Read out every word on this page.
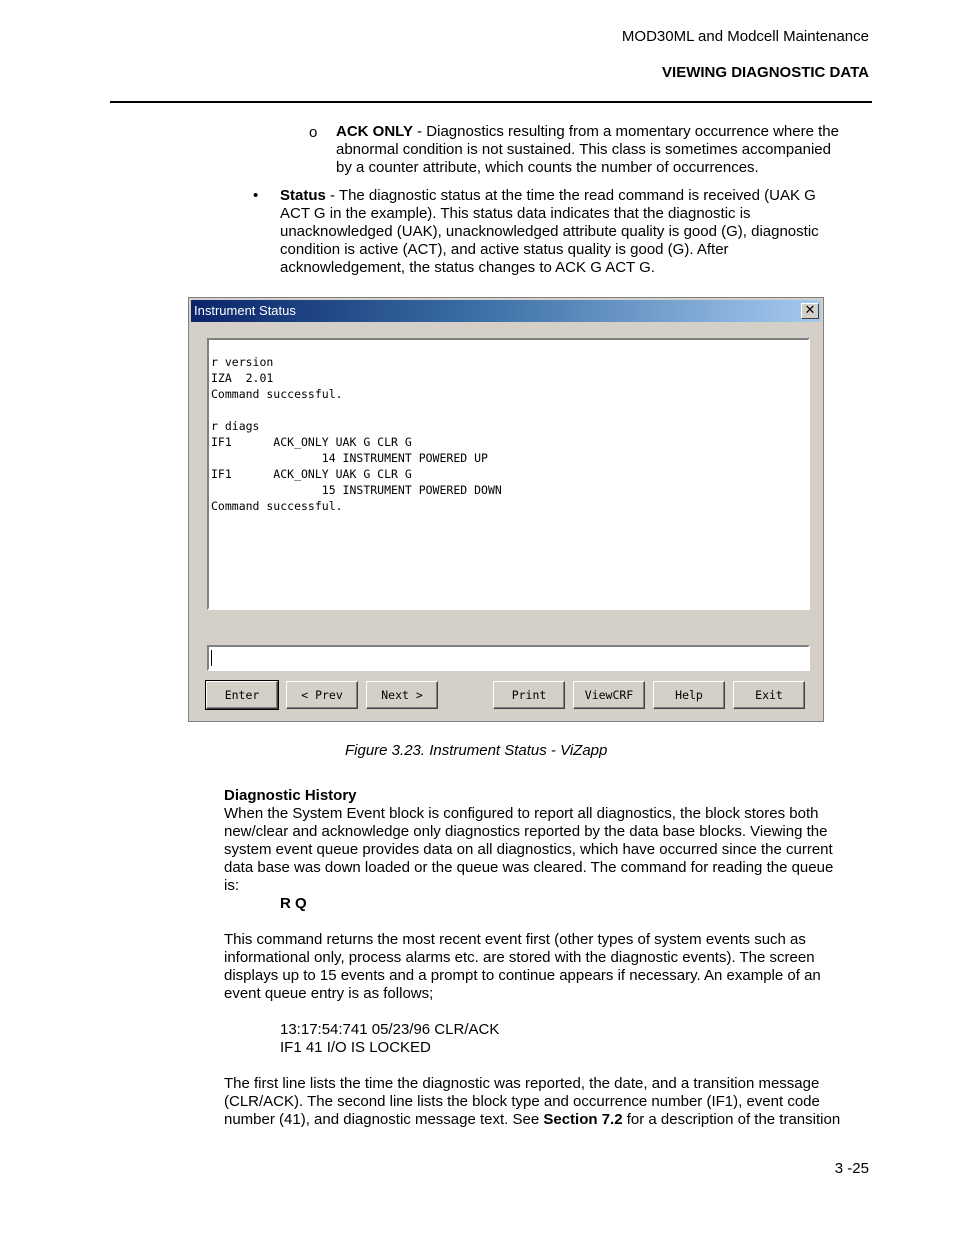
MOD30ML and Modcell Maintenance
VIEWING DIAGNOSTIC DATA
o ACK ONLY - Diagnostics resulting from a momentary occurrence where the
abnormal condition is not sustained. This class is sometimes accompanied
by a counter attribute, which counts the number of occurrences.
• Status - The diagnostic status at the time the read command is received (UAK G
ACT G in the example). This status data indicates that the diagnostic is
unacknowledged (UAK), unacknowledged attribute quality is good (G), diagnostic
condition is active (ACT), and active status quality is good (G). After
acknowledgement, the status changes to ACK G ACT G.
Instrument Status	✕
r version
IZA  2.01
Command successful.

r diags
IF1      ACK_ONLY UAK G CLR G
14 INSTRUMENT POWERED UP
IF1      ACK_ONLY UAK G CLR G
15 INSTRUMENT POWERED DOWN
Command successful.
Enter	< Prev	Next >	Print	ViewCRF	Help	Exit
Figure 3.23. Instrument Status - ViZapp
Diagnostic History
When the System Event block is configured to report all diagnostics, the block stores both
new/clear and acknowledge only diagnostics reported by the data base blocks. Viewing the
system event queue provides data on all diagnostics, which have occurred since the current
data base was down loaded or the queue was cleared. The command for reading the queue
is:
R Q
This command returns the most recent event first (other types of system events such as
informational only, process alarms etc. are stored with the diagnostic events). The screen
displays up to 15 events and a prompt to continue appears if necessary. An example of an
event queue entry is as follows;
13:17:54:741 05/23/96 CLR/ACK
IF1 41 I/O IS LOCKED
The first line lists the time the diagnostic was reported, the date, and a transition message
(CLR/ACK). The second line lists the block type and occurrence number (IF1), event code
number (41), and diagnostic message text. See Section 7.2 for a description of the transition
3 -25
